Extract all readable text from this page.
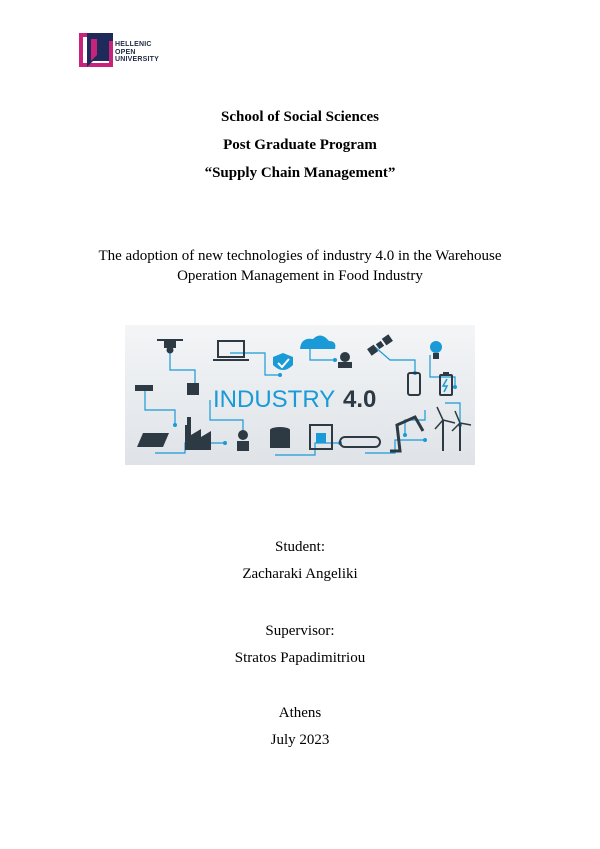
HELLENIC
OPEN
UNIVERSITY
School of Social Sciences
Post Graduate Program
“Supply Chain Management”
The adoption of new technologies of industry 4.0 in the Warehouse
Operation Management in Food Industry
INDUSTRY 4.0
Student:
Zacharaki Angeliki
Supervisor:
Stratos Papadimitriou
Athens
July 2023
